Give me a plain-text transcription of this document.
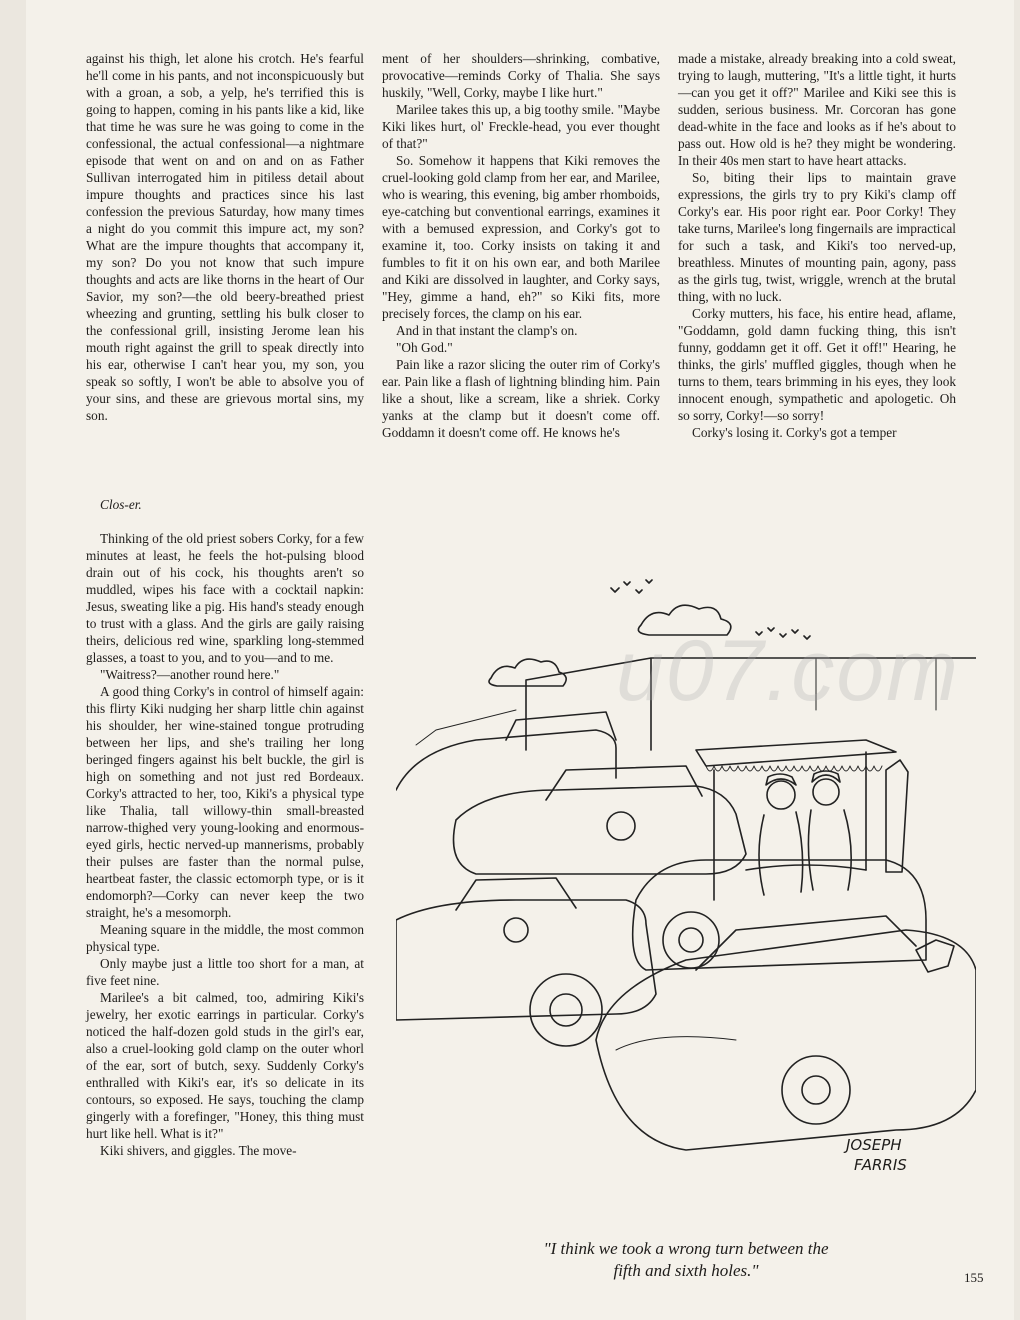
against his thigh, let alone his crotch. He's fearful he'll come in his pants, and not inconspicuously but with a groan, a sob, a yelp, he's terrified this is going to happen, coming in his pants like a kid, like that time he was sure he was going to come in the confessional, the actual confessional—a nightmare episode that went on and on and on as Father Sullivan interrogated him in pitiless detail about impure thoughts and practices since his last confession the previous Saturday, how many times a night do you commit this impure act, my son? What are the impure thoughts that accompany it, my son? Do you not know that such impure thoughts and acts are like thorns in the heart of Our Savior, my son?—the old beery-breathed priest wheezing and grunting, settling his bulk closer to the confessional grill, insisting Jerome lean his mouth right against the grill to speak directly into his ear, otherwise I can't hear you, my son, you speak so softly, I won't be able to absolve you of your sins, and these are grievous mortal sins, my son.

Clos-er.

Thinking of the old priest sobers Corky, for a few minutes at least, he feels the hot-pulsing blood drain out of his cock, his thoughts aren't so muddled, wipes his face with a cocktail napkin: Jesus, sweating like a pig. His hand's steady enough to trust with a glass. And the girls are gaily raising theirs, delicious red wine, sparkling long-stemmed glasses, a toast to you, and to you—and to me.

"Waitress?—another round here."

A good thing Corky's in control of himself again: this flirty Kiki nudging her sharp little chin against his shoulder, her wine-stained tongue protruding between her lips, and she's trailing her long beringed fingers against his belt buckle, the girl is high on something and not just red Bordeaux. Corky's attracted to her, too, Kiki's a physical type like Thalia, tall willowy-thin small-breasted narrow-thighed very young-looking and enormous-eyed girls, hectic nerved-up mannerisms, probably their pulses are faster than the normal pulse, heartbeat faster, the classic ectomorph type, or is it endomorph?—Corky can never keep the two straight, he's a mesomorph.

Meaning square in the middle, the most common physical type.

Only maybe just a little too short for a man, at five feet nine.

Marilee's a bit calmed, too, admiring Kiki's jewelry, her exotic earrings in particular. Corky's noticed the half-dozen gold studs in the girl's ear, also a cruel-looking gold clamp on the outer whorl of the ear, sort of butch, sexy. Suddenly Corky's enthralled with Kiki's ear, it's so delicate in its contours, so exposed. He says, touching the clamp gingerly with a forefinger, "Honey, this thing must hurt like hell. What is it?"

Kiki shivers, and giggles. The move-

ment of her shoulders—shrinking, combative, provocative—reminds Corky of Thalia. She says huskily, "Well, Corky, maybe I like hurt."

Marilee takes this up, a big toothy smile. "Maybe Kiki likes hurt, ol' Freckle-head, you ever thought of that?"

So. Somehow it happens that Kiki removes the cruel-looking gold clamp from her ear, and Marilee, who is wearing, this evening, big amber rhomboids, eye-catching but conventional earrings, examines it with a bemused expression, and Corky's got to examine it, too. Corky insists on taking it and fumbles to fit it on his own ear, and both Marilee and Kiki are dissolved in laughter, and Corky says, "Hey, gimme a hand, eh?" so Kiki fits, more precisely forces, the clamp on his ear.

And in that instant the clamp's on.

"Oh God."

Pain like a razor slicing the outer rim of Corky's ear. Pain like a flash of lightning blinding him. Pain like a shout, like a scream, like a shriek. Corky yanks at the clamp but it doesn't come off. Goddamn it doesn't come off. He knows he's

made a mistake, already breaking into a cold sweat, trying to laugh, muttering, "It's a little tight, it hurts—can you get it off?" Marilee and Kiki see this is sudden, serious business. Mr. Corcoran has gone dead-white in the face and looks as if he's about to pass out. How old is he? they might be wondering. In their 40s men start to have heart attacks.

So, biting their lips to maintain grave expressions, the girls try to pry Kiki's clamp off Corky's ear. His poor right ear. Poor Corky! They take turns, Marilee's long fingernails are impractical for such a task, and Kiki's too nerved-up, breathless. Minutes of mounting pain, agony, pass as the girls tug, twist, wriggle, wrench at the brutal thing, with no luck.

Corky mutters, his face, his entire head, aflame, "Goddamn, gold damn fucking thing, this isn't funny, goddamn get it off. Get it off!" Hearing, he thinks, the girls' muffled giggles, though when he turns to them, tears brimming in his eyes, they look innocent enough, sympathetic and apologetic. Oh so sorry, Corky!—so sorry!

Corky's losing it. Corky's got a temper

JOSEPH
FARRIS
u07.com
"I think we took a wrong turn between the
fifth and sixth holes."	155
